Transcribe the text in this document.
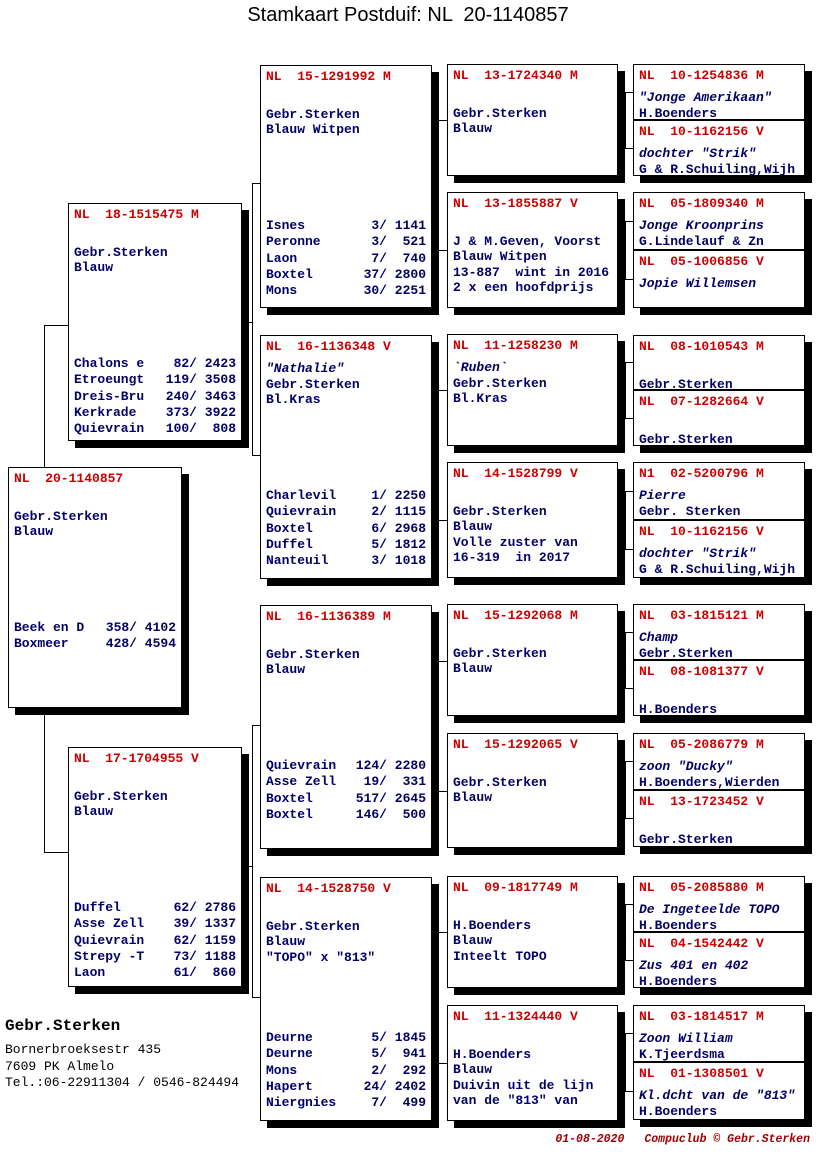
Stamkaart Postduif: NL  20-1140857
NL  20-1140857
Gebr.Sterken
Blauw
Beek en D 358/ 4102
Boxmeer	428/ 4594
NL  18-1515475 M
Gebr.Sterken
Blauw
Chalons e 82/ 2423
Etroeungt 119/ 3508
Dreis-Bru 240/ 3463
Kerkrade 373/ 3922
Quievrain 100/  808
NL  17-1704955 V
Gebr.Sterken
Blauw
Duffel	62/ 2786
Asse Zell 39/ 1337
Quievrain 62/ 1159
Strepy -T 73/ 1188
Laon	61/  860
NL  15-1291992 M
Gebr.Sterken
Blauw Witpen
Isnes	3/ 1141
Peronne	3/  521
Laon	7/  740
Boxtel	37/ 2800
Mons	30/ 2251
NL  16-1136348 V
"Nathalie"
Gebr.Sterken
Bl.Kras
Charlevil 1/ 2250
Quievrain 2/ 1115
Boxtel	6/ 2968
Duffel	5/ 1812
Nanteuil 3/ 1018
NL  16-1136389 M
Gebr.Sterken
Blauw
Quievrain 124/ 2280
Asse Zell 19/  331
Boxtel	517/ 2645
Boxtel	146/  500
NL  14-1528750 V
Gebr.Sterken
Blauw
"TOPO" x "813"
Deurne	5/ 1845
Deurne	5/  941
Mons	2/  292
Hapert	24/ 2402
Niergnies 7/  499
NL  13-1724340 M
Gebr.Sterken
Blauw
NL  13-1855887 V
J & M.Geven, Voorst
Blauw Witpen
13-887  wint in 2016
2 x een hoofdprijs
NL  11-1258230 M
`Ruben`
Gebr.Sterken
Bl.Kras
NL  14-1528799 V
Gebr.Sterken
Blauw
Volle zuster van
16-319  in 2017
NL  15-1292068 M
Gebr.Sterken
Blauw
NL  15-1292065 V
Gebr.Sterken
Blauw
NL  09-1817749 M
H.Boenders
Blauw
Inteelt TOPO
NL  11-1324440 V
H.Boenders
Blauw
Duivin uit de lijn
van de "813" van
NL  10-1254836 M
"Jonge Amerikaan"
H.Boenders
NL  10-1162156 V
dochter "Strik"
G & R.Schuiling,Wijh
NL  05-1809340 M
Jonge Kroonprins
G.Lindelauf & Zn
NL  05-1006856 V
Jopie Willemsen
NL  08-1010543 M
Gebr.Sterken
NL  07-1282664 V
Gebr.Sterken
N1  02-5200796 M
Pierre
Gebr. Sterken
NL  10-1162156 V
dochter "Strik"
G & R.Schuiling,Wijh
NL  03-1815121 M
Champ
Gebr.Sterken
NL  08-1081377 V
H.Boenders
NL  05-2086779 M
zoon "Ducky"
H.Boenders,Wierden
NL  13-1723452 V
Gebr.Sterken
NL  05-2085880 M
De Ingeteelde TOPO
H.Boenders
NL  04-1542442 V
Zus 401 en 402
H.Boenders
NL  03-1814517 M
Zoon William
K.Tjeerdsma
NL  01-1308501 V
Kl.dcht van de "813"
H.Boenders
Gebr.Sterken
Bornerbroeksestr 435
7609 PK Almelo
Tel.:06-22911304 / 0546-824494
01-08-2020 Compuclub © Gebr.Sterken
